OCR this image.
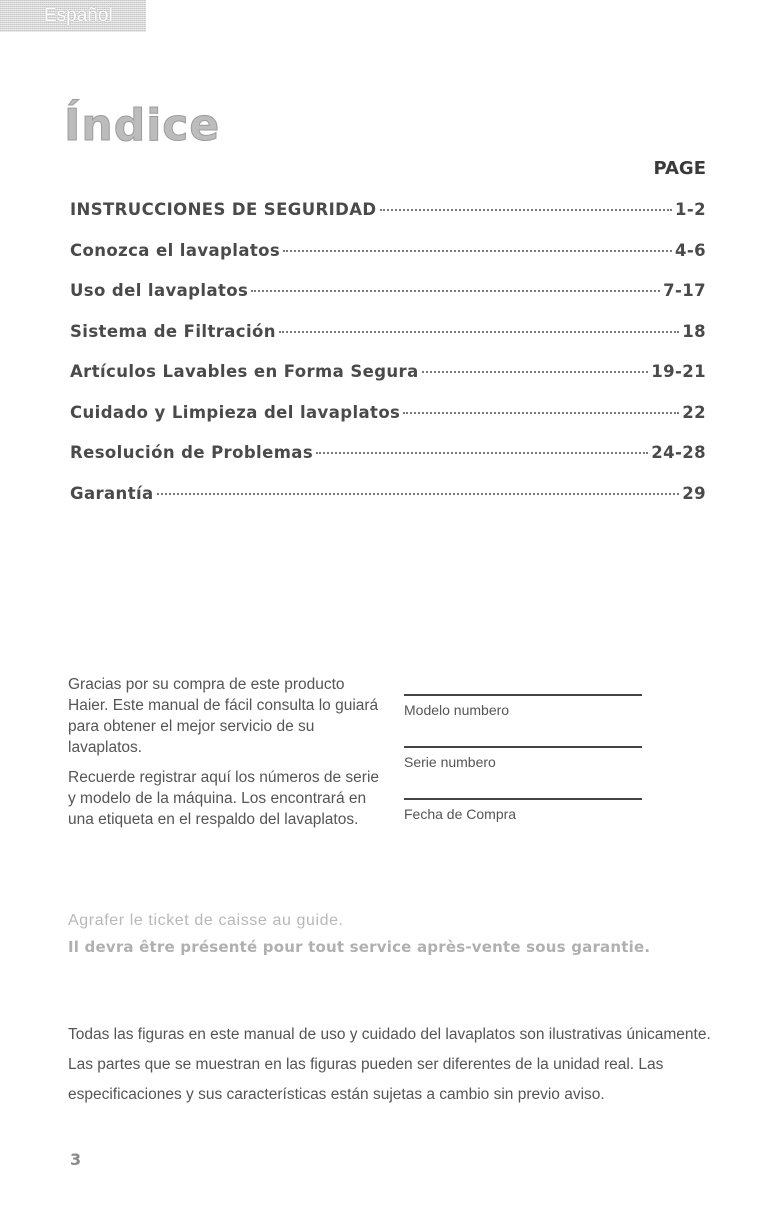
Español
Índice
PAGE
INSTRUCCIONES DE SEGURIDAD	1-2
Conozca el lavaplatos	4-6
Uso del lavaplatos	7-17
Sistema de Filtración	18
Artículos Lavables en Forma Segura	19-21
Cuidado y Limpieza del lavaplatos	22
Resolución de Problemas	24-28
Garantía	29

Gracias por su compra de este producto Haier. Este manual de fácil consulta lo guiará para obtener el mejor servicio de su lavaplatos.

Recuerde registrar aquí los números de serie y modelo de la máquina. Los encontrará en una etiqueta en el respaldo del lavaplatos.

Modelo numbero
Serie numbero
Fecha de Compra
Agrafer le ticket de caisse au guide.
Il devra être présenté pour tout service après-vente sous garantie.

Todas las figuras en este manual de uso y cuidado del lavaplatos son ilustrativas únicamente. Las partes que se muestran en las figuras pueden ser diferentes de la unidad real. Las especificaciones y sus características están sujetas a cambio sin previo aviso.

3
